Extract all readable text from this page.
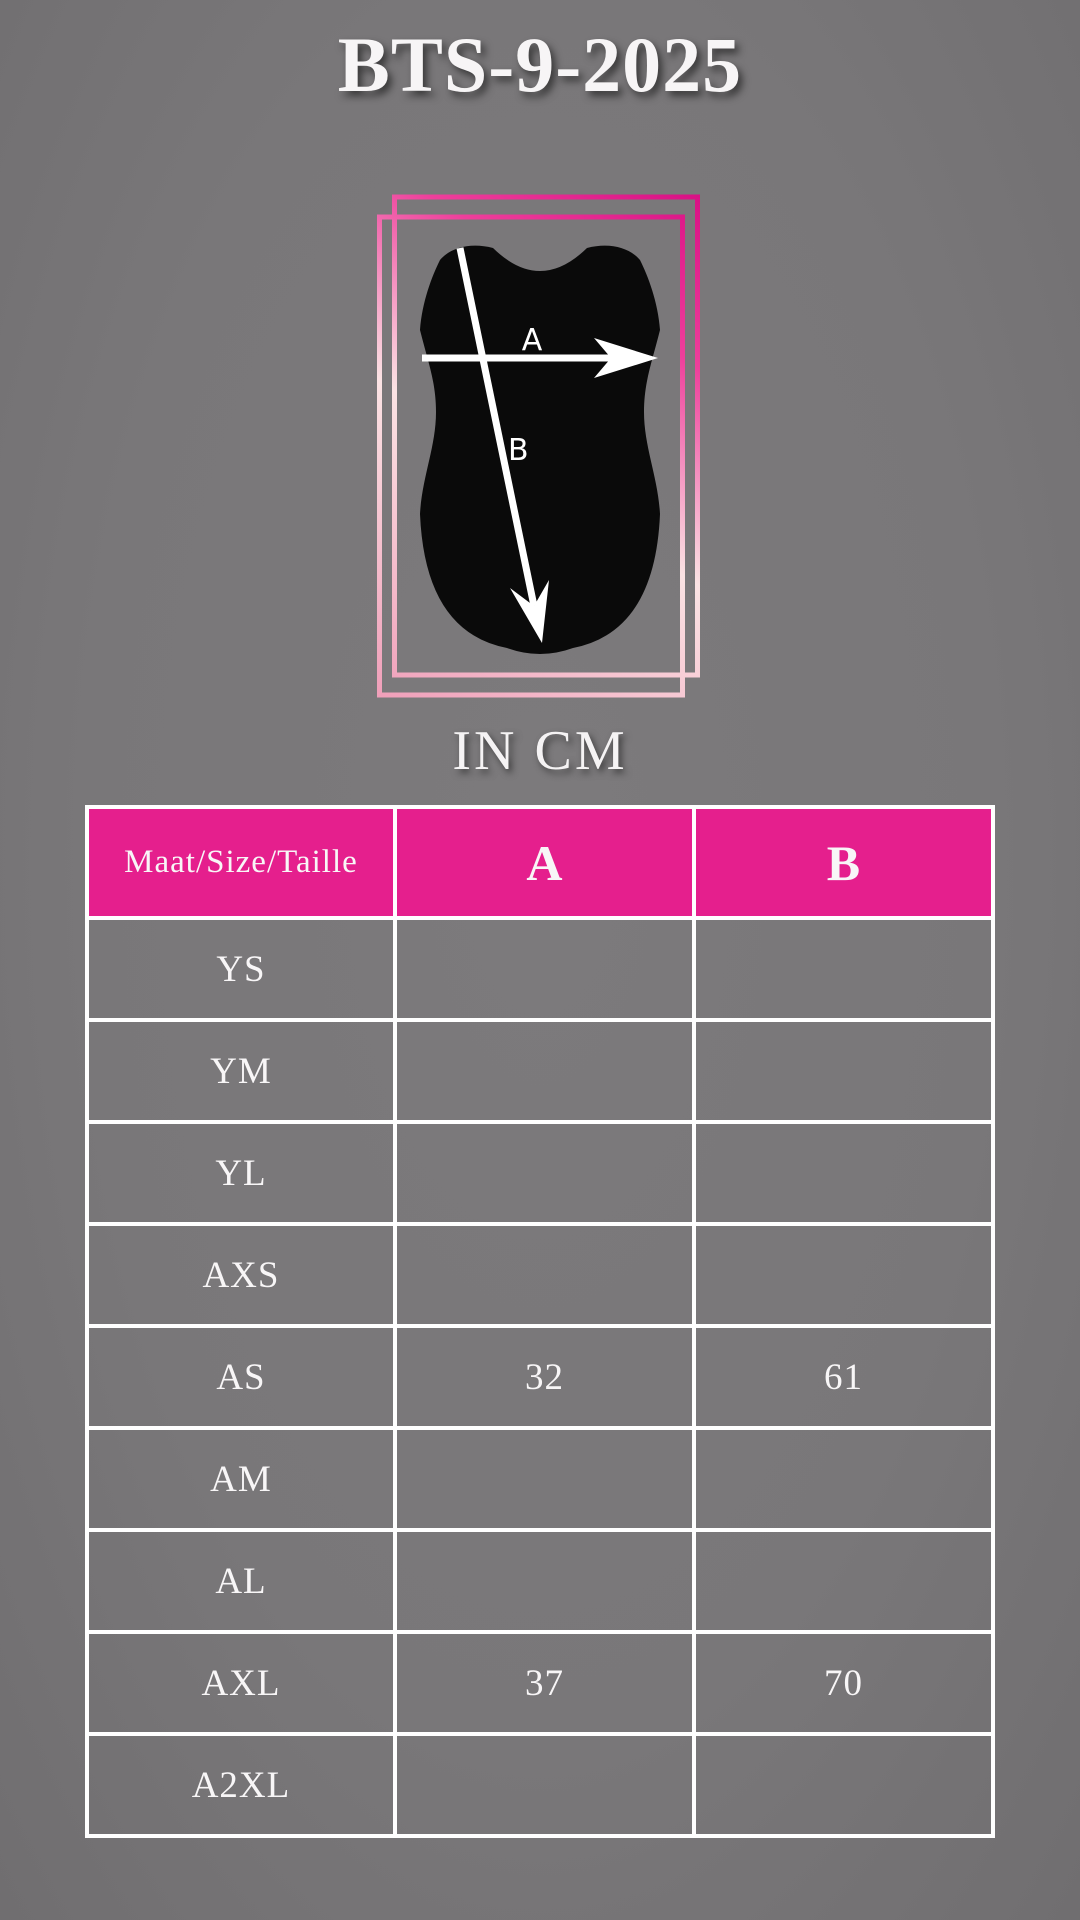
BTS-9-2025
A
B
IN CM
Maat/Size/Taille	A	B
YS		
YM		
YL		
AXS		
AS	32	61
AM		
AL		
AXL	37	70
A2XL		
